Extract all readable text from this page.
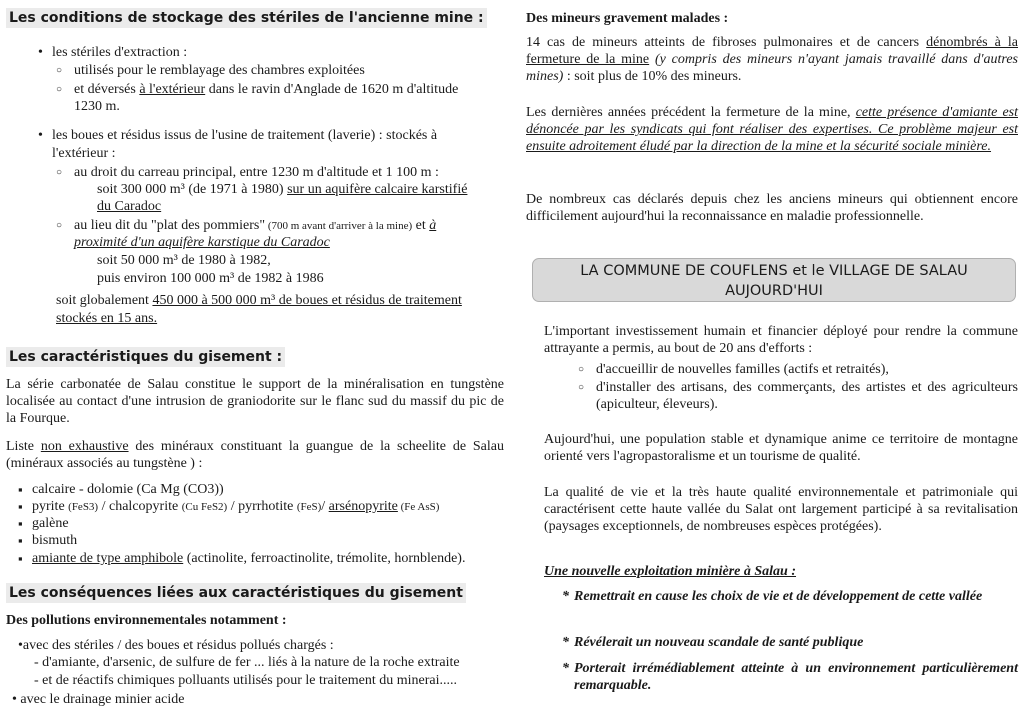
Les conditions de stockage des stériles de l'ancienne mine :

• les stériles d'extraction :

○ utilisés pour le remblayage des chambres exploitées

○ et déversés à l'extérieur dans le ravin d'Anglade de 1620 m d'altitude

1230 m.

• les boues et résidus issus de l'usine de traitement (laverie) : stockés à

l'extérieur :

○ au droit du carreau principal, entre 1230 m d'altitude et 1 100 m :

soit 300 000 m³ (de 1971 à 1980) sur un aquifère calcaire karstifié

du Caradoc

○ au lieu dit du "plat des pommiers" (700 m avant d'arriver à la mine) et à

proximité d'un aquifère karstique du Caradoc

soit 50 000 m³ de 1980 à 1982,

puis environ 100 000 m³ de 1982 à 1986

soit globalement 450 000 à 500 000 m³ de boues et résidus de traitement

stockés en 15 ans.

Les caractéristiques du gisement :

La série carbonatée de Salau constitue le support de la minéralisation en tungstène localisée au contact d'une intrusion de graniodorite sur le flanc sud du massif du pic de la Fourque.

Liste non exhaustive des minéraux constituant la guangue de la scheelite de Salau (minéraux associés au tungstène ) :

▪ calcaire - dolomie (Ca Mg (CO3))

▪ pyrite (FeS3) / chalcopyrite (Cu FeS2) / pyrrhotite (FeS)/ arsénopyrite (Fe AsS)

▪ galène

▪ bismuth

▪ amiante de type amphibole (actinolite, ferroactinolite, trémolite, hornblende).

Les conséquences liées aux caractéristiques du gisement

Des pollutions environnementales notamment :

•avec des stériles / des boues et résidus pollués chargés :

- d'amiante, d'arsenic, de sulfure de fer ... liés à la nature de la roche extraite

- et de réactifs chimiques polluants utilisés pour le traitement du minerai.....

• avec le drainage minier acide

Des mineurs gravement malades :

14 cas de mineurs atteints de fibroses pulmonaires et de cancers dénombrés à la fermeture de la mine (y compris des mineurs n'ayant jamais travaillé dans d'autres mines) : soit plus de 10% des mineurs.

Les dernières années précédent la fermeture de la mine, cette présence d'amiante est dénoncée par les syndicats qui font réaliser des expertises. Ce problème majeur est ensuite adroitement éludé par la direction de la mine et la sécurité sociale minière.

De nombreux cas déclarés depuis chez les anciens mineurs qui obtiennent encore difficilement aujourd'hui la reconnaissance en maladie professionnelle.

LA COMMUNE DE COUFLENS et le VILLAGE DE SALAU
AUJOURD'HUI

L'important investissement humain et financier déployé pour rendre la commune attrayante a permis, au bout de 20 ans d'efforts :

○ d'accueillir de nouvelles familles (actifs et retraités),

○ d'installer des artisans, des commerçants, des artistes et des agriculteurs (apiculteur, éleveurs).

Aujourd'hui, une population stable et dynamique anime ce territoire de montagne orienté vers l'agropastoralisme et un tourisme de qualité.

La qualité de vie et la très haute qualité environnementale et patrimoniale qui caractérisent cette haute vallée du Salat ont largement participé à sa revitalisation (paysages exceptionnels, de nombreuses espèces protégées).

Une nouvelle exploitation minière à Salau :

* Remettrait en cause les choix de vie et de développement de cette vallée

* Révélerait un nouveau scandale de santé publique

* Porterait irrémédiablement atteinte à un environnement particulièrement remarquable.
